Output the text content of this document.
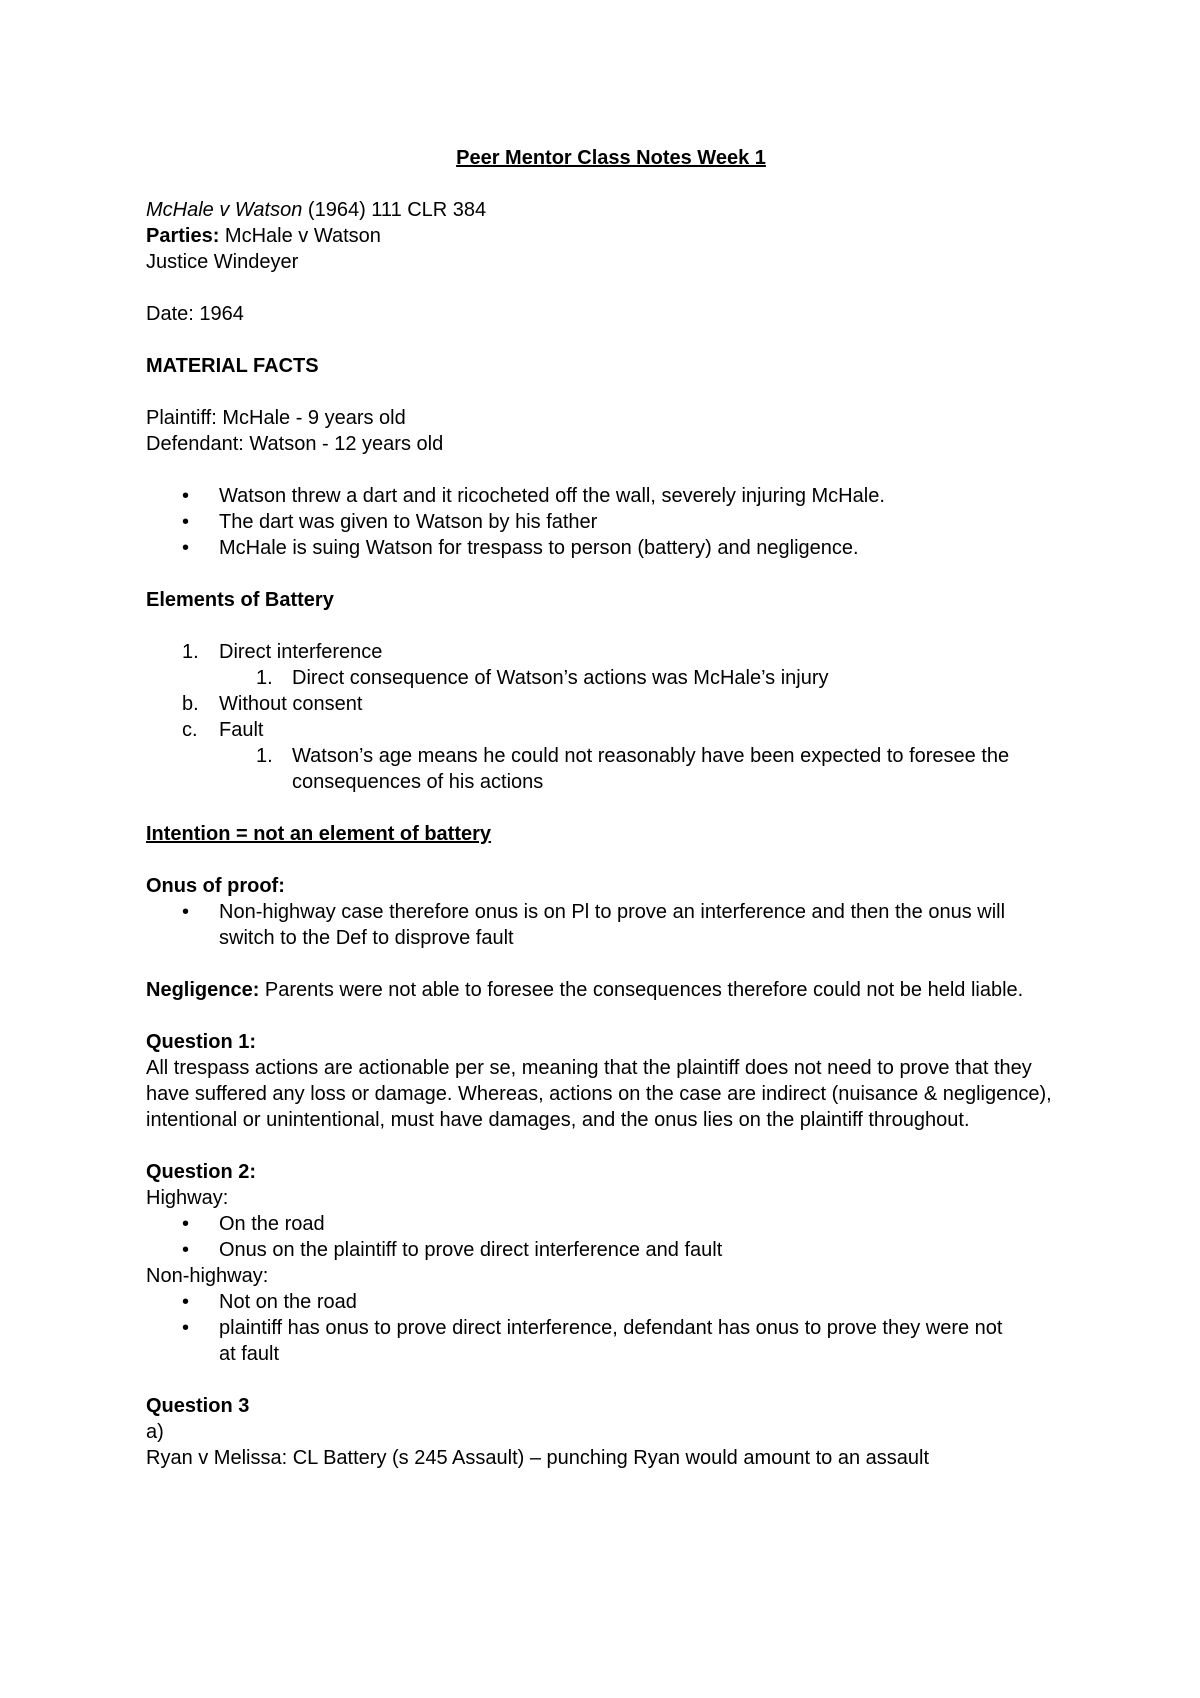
Peer Mentor Class Notes Week 1
McHale v Watson (1964) 111 CLR 384
Parties: McHale v Watson
Justice Windeyer
Date: 1964
MATERIAL FACTS
Plaintiff: McHale - 9 years old
Defendant: Watson - 12 years old
• Watson threw a dart and it ricocheted off the wall, severely injuring McHale.
• The dart was given to Watson by his father
• McHale is suing Watson for trespass to person (battery) and negligence.
Elements of Battery
1. Direct interference
1. Direct consequence of Watson’s actions was McHale’s injury
b. Without consent
c. Fault
1. Watson’s age means he could not reasonably have been expected to foresee the consequences of his actions
Intention = not an element of battery
Onus of proof:
• Non-highway case therefore onus is on Pl to prove an interference and then the onus will switch to the Def to disprove fault
Negligence: Parents were not able to foresee the consequences therefore could not be held liable.
Question 1:
All trespass actions are actionable per se, meaning that the plaintiff does not need to prove that they have suffered any loss or damage. Whereas, actions on the case are indirect (nuisance & negligence), intentional or unintentional, must have damages, and the onus lies on the plaintiff throughout.
Question 2:
Highway:
• On the road
• Onus on the plaintiff to prove direct interference and fault
Non-highway:
• Not on the road
• plaintiff has onus to prove direct interference, defendant has onus to prove they were not at fault
Question 3
a)
Ryan v Melissa: CL Battery (s 245 Assault) – punching Ryan would amount to an assault
